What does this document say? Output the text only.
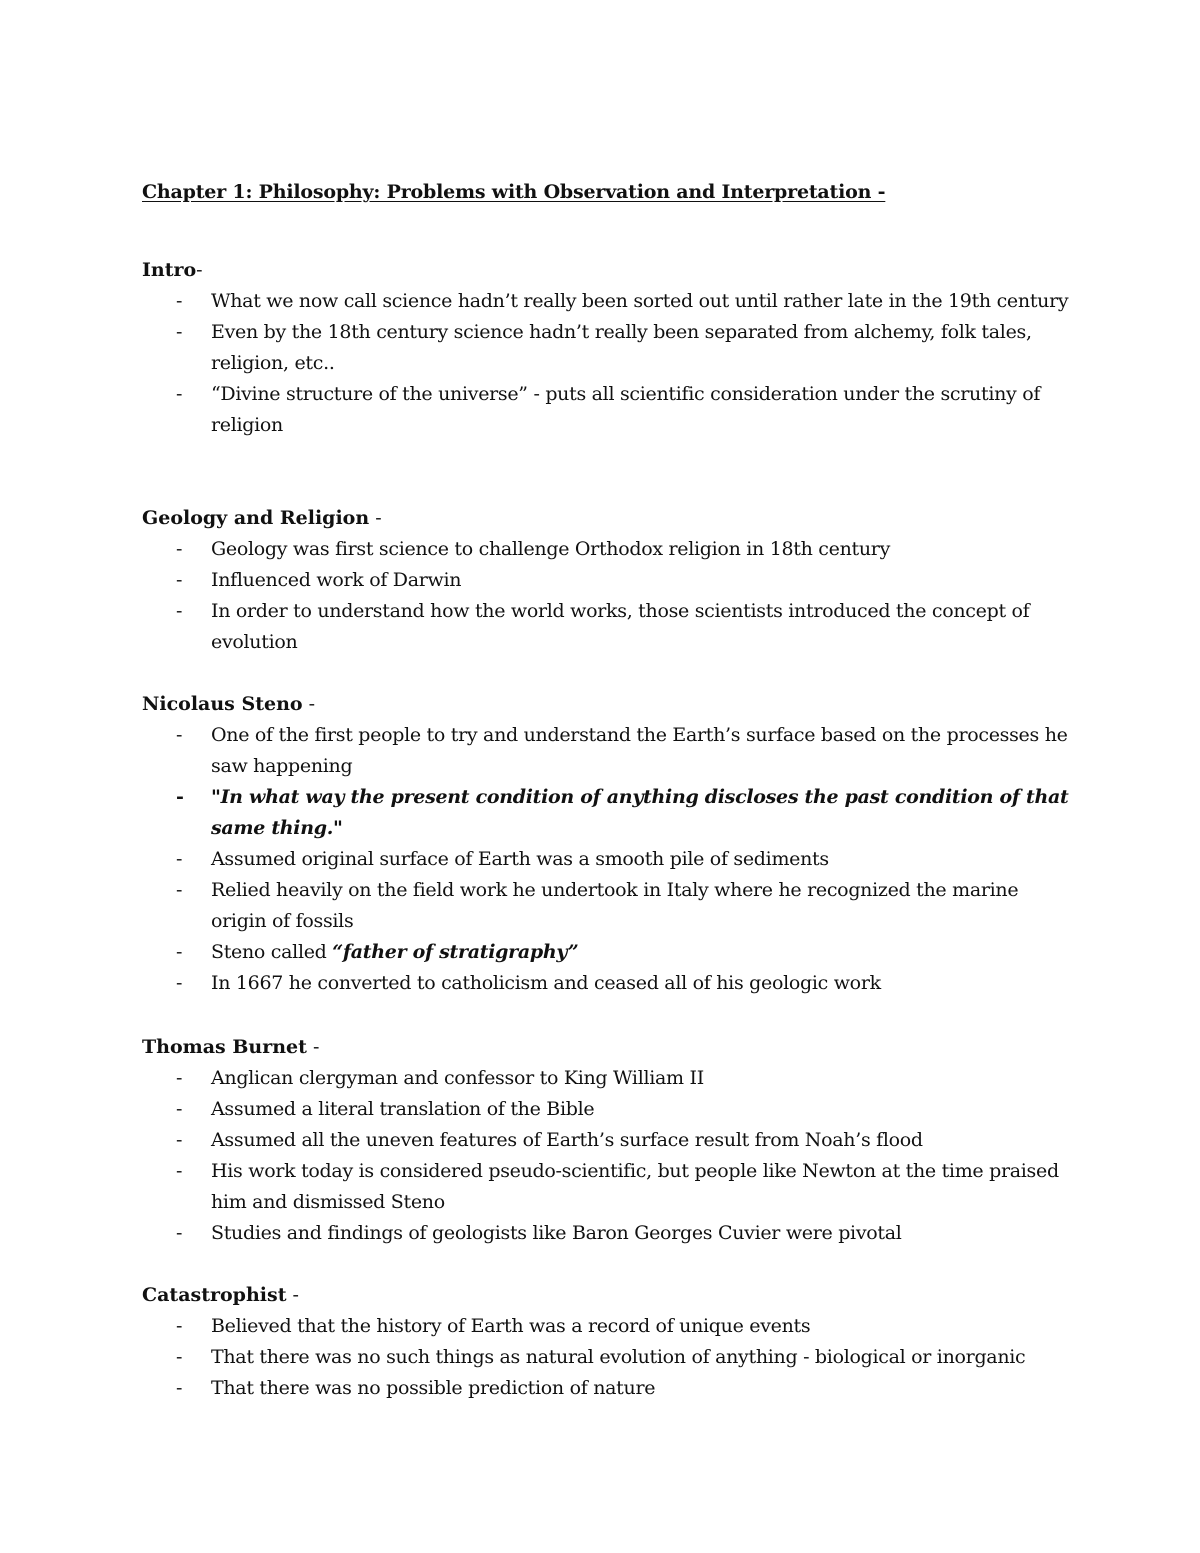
Chapter 1: Philosophy: Problems with Observation and Interpretation -
Intro-
- What we now call science hadn’t really been sorted out until rather late in the 19th century
- Even by the 18th century science hadn’t really been separated from alchemy, folk tales, religion, etc..
- “Divine structure of the universe” - puts all scientific consideration under the scrutiny of religion
Geology and Religion -
- Geology was first science to challenge Orthodox religion in 18th century
- Influenced work of Darwin
- In order to understand how the world works, those scientists introduced the concept of evolution
Nicolaus Steno -
- One of the first people to try and understand the Earth’s surface based on the processes he saw happening
- "In what way the present condition of anything discloses the past condition of that same thing."
- Assumed original surface of Earth was a smooth pile of sediments
- Relied heavily on the field work he undertook in Italy where he recognized the marine origin of fossils
- Steno called “father of stratigraphy”
- In 1667 he converted to catholicism and ceased all of his geologic work
Thomas Burnet -
- Anglican clergyman and confessor to King William II
- Assumed a literal translation of the Bible
- Assumed all the uneven features of Earth’s surface result from Noah’s flood
- His work today is considered pseudo-scientific, but people like Newton at the time praised him and dismissed Steno
- Studies and findings of geologists like Baron Georges Cuvier were pivotal
Catastrophist -
- Believed that the history of Earth was a record of unique events
- That there was no such things as natural evolution of anything - biological or inorganic
- That there was no possible prediction of nature
